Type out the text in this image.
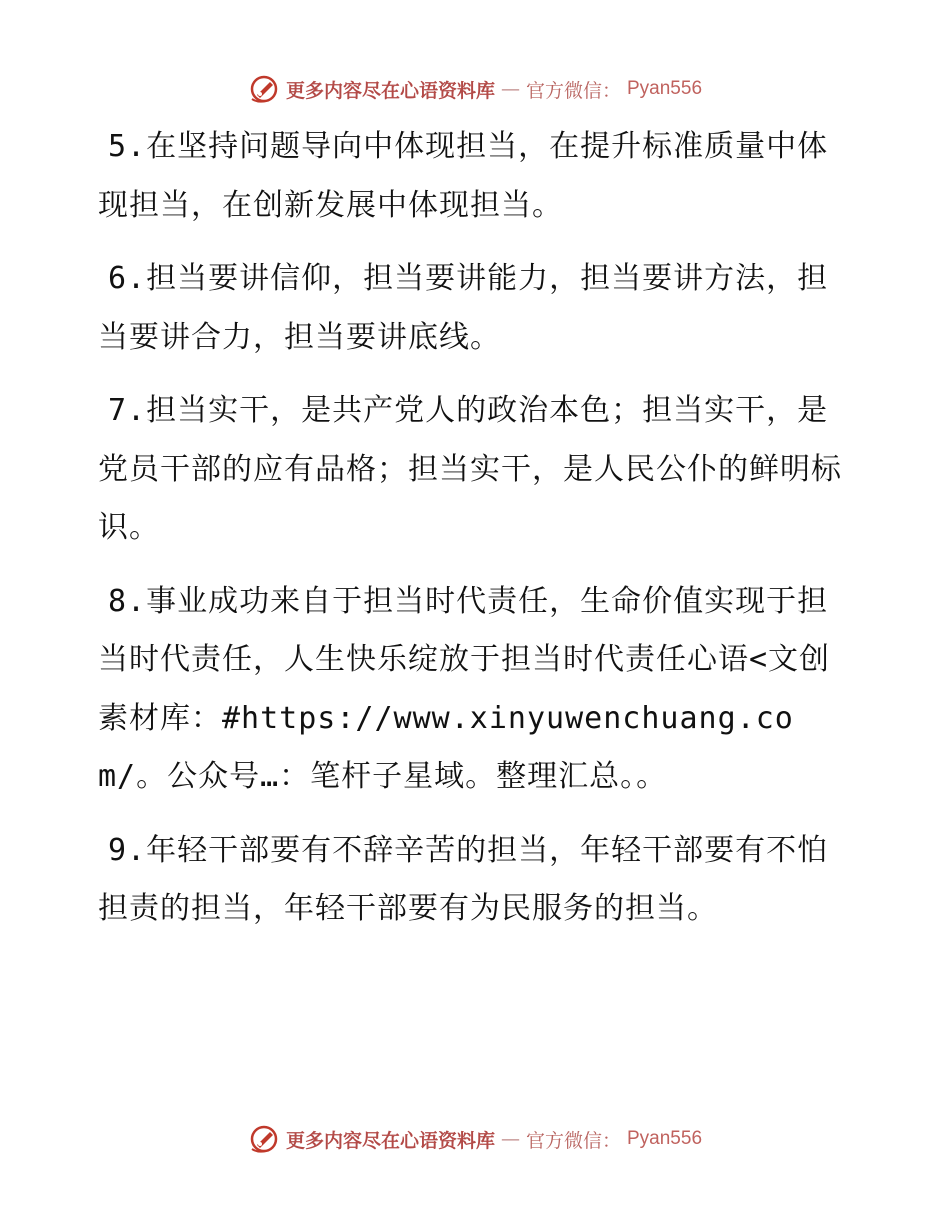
更多内容尽在心语资料库 — 官方微信： Pyan556

5.在坚持问题导向中体现担当，在提升标准质量中体现担当，在创新发展中体现担当。

6.担当要讲信仰，担当要讲能力，担当要讲方法，担当要讲合力，担当要讲底线。

7.担当实干，是共产党人的政治本色；担当实干，是党员干部的应有品格；担当实干，是人民公仆的鲜明标识。

8.事业成功来自于担当时代责任，生命价值实现于担当时代责任，人生快乐绽放于担当时代责任心语<文创素材库：#https://www.xinyuwenchuang.com/。公众号…：笔杆子星域。整理汇总。。

9.年轻干部要有不辞辛苦的担当，年轻干部要有不怕担责的担当，年轻干部要有为民服务的担当。

更多内容尽在心语资料库 — 官方微信： Pyan556
